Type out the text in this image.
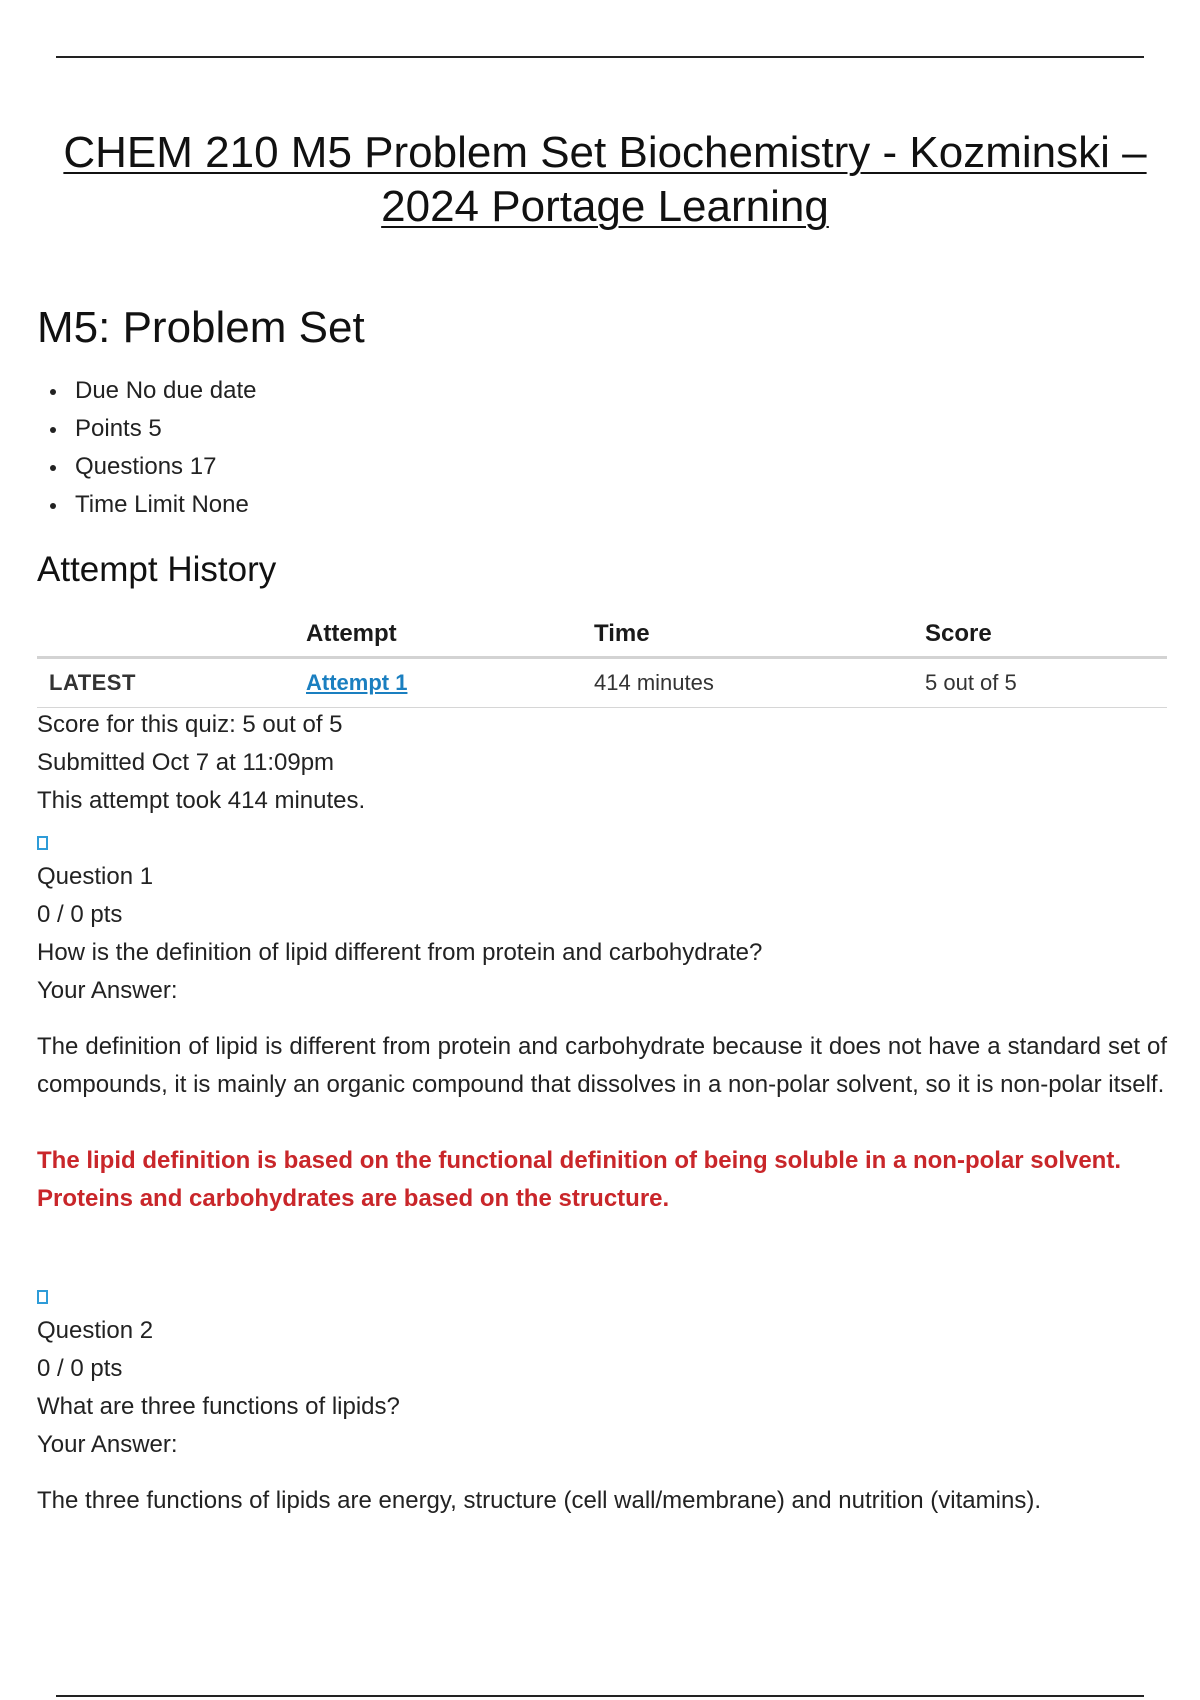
CHEM 210 M5 Problem Set Biochemistry - Kozminski – 2024 Portage Learning
M5: Problem Set
Due No due date
Points 5
Questions 17
Time Limit None
Attempt History
	Attempt	Time	Score
LATEST	Attempt 1	414 minutes	5 out of 5
Score for this quiz: 5 out of 5
Submitted Oct 7 at 11:09pm
This attempt took 414 minutes.
Question 1
0 / 0 pts
How is the definition of lipid different from protein and carbohydrate?
Your Answer:

The definition of lipid is different from protein and carbohydrate because it does not have a standard set of compounds, it is mainly an organic compound that dissolves in a non-polar solvent, so it is non-polar itself.

The lipid definition is based on the functional definition of being soluble in a non-polar solvent. Proteins and carbohydrates are based on the structure.

Question 2
0 / 0 pts
What are three functions of lipids?
Your Answer:

The three functions of lipids are energy, structure (cell wall/membrane) and nutrition (vitamins).
